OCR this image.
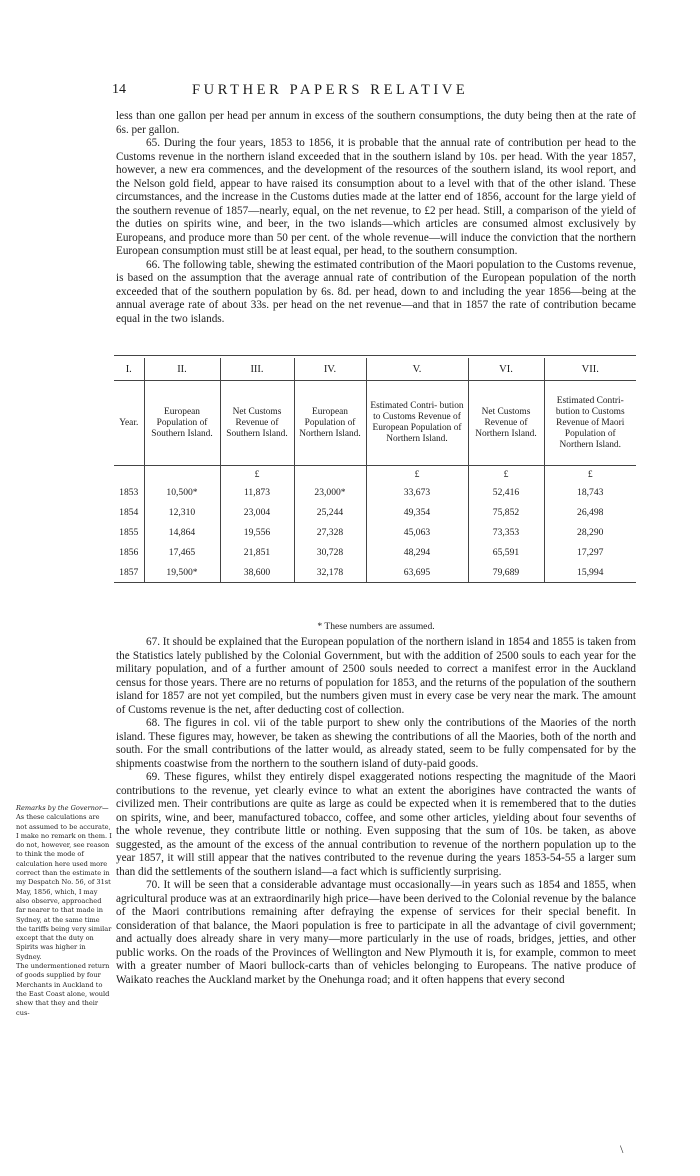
14	FURTHER PAPERS RELATIVE

less than one gallon per head per annum in excess of the southern consumptions, the duty being then at the rate of 6s. per gallon.

65. During the four years, 1853 to 1856, it is probable that the annual rate of contribution per head to the Customs revenue in the northern island exceeded that in the southern island by 10s. per head. With the year 1857, however, a new era commences, and the development of the resources of the southern island, its wool report, and the Nelson gold field, appear to have raised its consumption about to a level with that of the other island. These circumstances, and the increase in the Customs duties made at the latter end of 1856, account for the large yield of the southern revenue of 1857—nearly, equal, on the net revenue, to £2 per head. Still, a comparison of the yield of the duties on spirits wine, and beer, in the two islands—which articles are consumed almost exclusively by Europeans, and produce more than 50 per cent. of the whole revenue—will induce the conviction that the northern European consumption must still be at least equal, per head, to the southern consumption.

66. The following table, shewing the estimated contribution of the Maori population to the Customs revenue, is based on the assumption that the average annual rate of contribution of the European population of the north exceeded that of the southern population by 6s. 8d. per head, down to and including the year 1856—being at the annual average rate of about 33s. per head on the net revenue—and that in 1857 the rate of contribution became equal in the two islands.

I.	II.	III.	IV.	V.	VI.	VII.
Year.	European Population of Southern Island.	Net Customs Revenue of Southern Island.	European Population of Northern Island.	Estimated Contri- bution to Customs Revenue of European Population of Northern Island.	Net Customs Revenue of Northern Island.	Estimated Contri- bution to Customs Revenue of Maori Population of Northern Island.
		£		£	£	£
1853	10,500*	11,873	23,000*	33,673	52,416	18,743
1854	12,310	23,004	25,244	49,354	75,852	26,498
1855	14,864	19,556	27,328	45,063	73,353	28,290
1856	17,465	21,851	30,728	48,294	65,591	17,297
1857	19,500*	38,600	32,178	63,695	79,689	15,994
* These numbers are assumed.

67. It should be explained that the European population of the northern island in 1854 and 1855 is taken from the Statistics lately published by the Colonial Government, but with the addition of 2500 souls to each year for the military population, and of a further amount of 2500 souls needed to correct a manifest error in the Auckland census for those years. There are no returns of population for 1853, and the returns of the population of the southern island for 1857 are not yet compiled, but the numbers given must in every case be very near the mark. The amount of Customs revenue is the net, after deducting cost of collection.

68. The figures in col. vii of the table purport to shew only the contributions of the Maories of the north island. These figures may, however, be taken as shewing the contributions of all the Maories, both of the north and south. For the small contributions of the latter would, as already stated, seem to be fully compensated for by the shipments coastwise from the northern to the southern island of duty-paid goods.

69. These figures, whilst they entirely dispel exaggerated notions respecting the magnitude of the Maori contributions to the revenue, yet clearly evince to what an extent the aborigines have contracted the wants of civilized men. Their contributions are quite as large as could be expected when it is remembered that to the duties on spirits, wine, and beer, manufactured tobacco, coffee, and some other articles, yielding about four sevenths of the whole revenue, they contribute little or nothing. Even supposing that the sum of 10s. be taken, as above suggested, as the amount of the excess of the annual contribution to revenue of the northern population up to the year 1857, it will still appear that the natives contributed to the revenue during the years 1853-54-55 a larger sum than did the settlements of the southern island—a fact which is sufficiently surprising.

70. It will be seen that a considerable advantage must occasionally—in years such as 1854 and 1855, when agricultural produce was at an extraordinarily high price—have been derived to the Colonial revenue by the balance of the Maori contributions remaining after defraying the expense of services for their special benefit. In consideration of that balance, the Maori population is free to participate in all the advantage of civil government; and actually does already share in very many—more particularly in the use of roads, bridges, jetties, and other public works. On the roads of the Provinces of Wellington and New Plymouth it is, for example, common to meet with a greater number of Maori bullock-carts than of vehicles belonging to Europeans. The native produce of Waikato reaches the Auckland market by the Onehunga road; and it often happens that every second

Remarks by the Governor—

As these calculations are not assumed to be accurate, I make no remark on them. I do not, however, see reason to think the mode of calculation here used more correct than the estimate in my Despatch No. 56, of 31st May, 1856, which, I may also observe, approached far nearer to that made in Sydney, at the same time the tariffs being very similar except that the duty on Spirits was higher in Sydney.

The undermentioned return of goods supplied by four Merchants in Auckland to the East Coast alone, would shew that they and their cus-

\
